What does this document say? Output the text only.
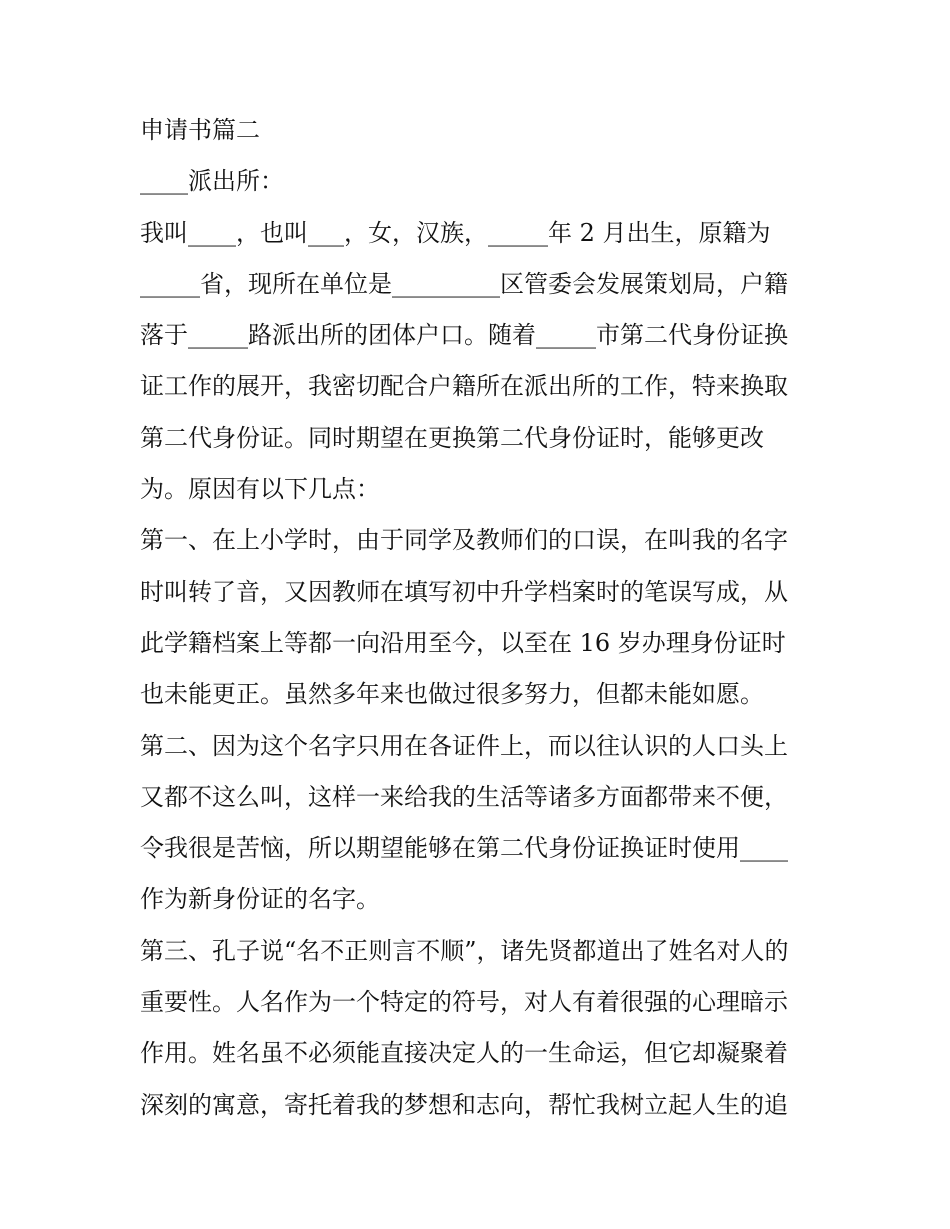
申请书篇二
____派出所：
我叫____，也叫___，女，汉族，_____年 2 月出生，原籍为
_____省，现所在单位是_________区管委会发展策划局，户籍
落于_____路派出所的团体户口。随着_____市第二代身份证换
证工作的展开，我密切配合户籍所在派出所的工作，特来换取
第二代身份证。同时期望在更换第二代身份证时，能够更改
为。原因有以下几点：
第一、在上小学时，由于同学及教师们的口误，在叫我的名字
时叫转了音，又因教师在填写初中升学档案时的笔误写成，从
此学籍档案上等都一向沿用至今，以至在 16 岁办理身份证时
也未能更正。虽然多年来也做过很多努力，但都未能如愿。
第二、因为这个名字只用在各证件上，而以往认识的人口头上
又都不这么叫，这样一来给我的生活等诸多方面都带来不便，
令我很是苦恼，所以期望能够在第二代身份证换证时使用____
作为新身份证的名字。
第三、孔子说“名不正则言不顺”，诸先贤都道出了姓名对人的
重要性。人名作为一个特定的符号，对人有着很强的心理暗示
作用。姓名虽不必须能直接决定人的一生命运，但它却凝聚着
深刻的寓意，寄托着我的梦想和志向，帮忙我树立起人生的追
